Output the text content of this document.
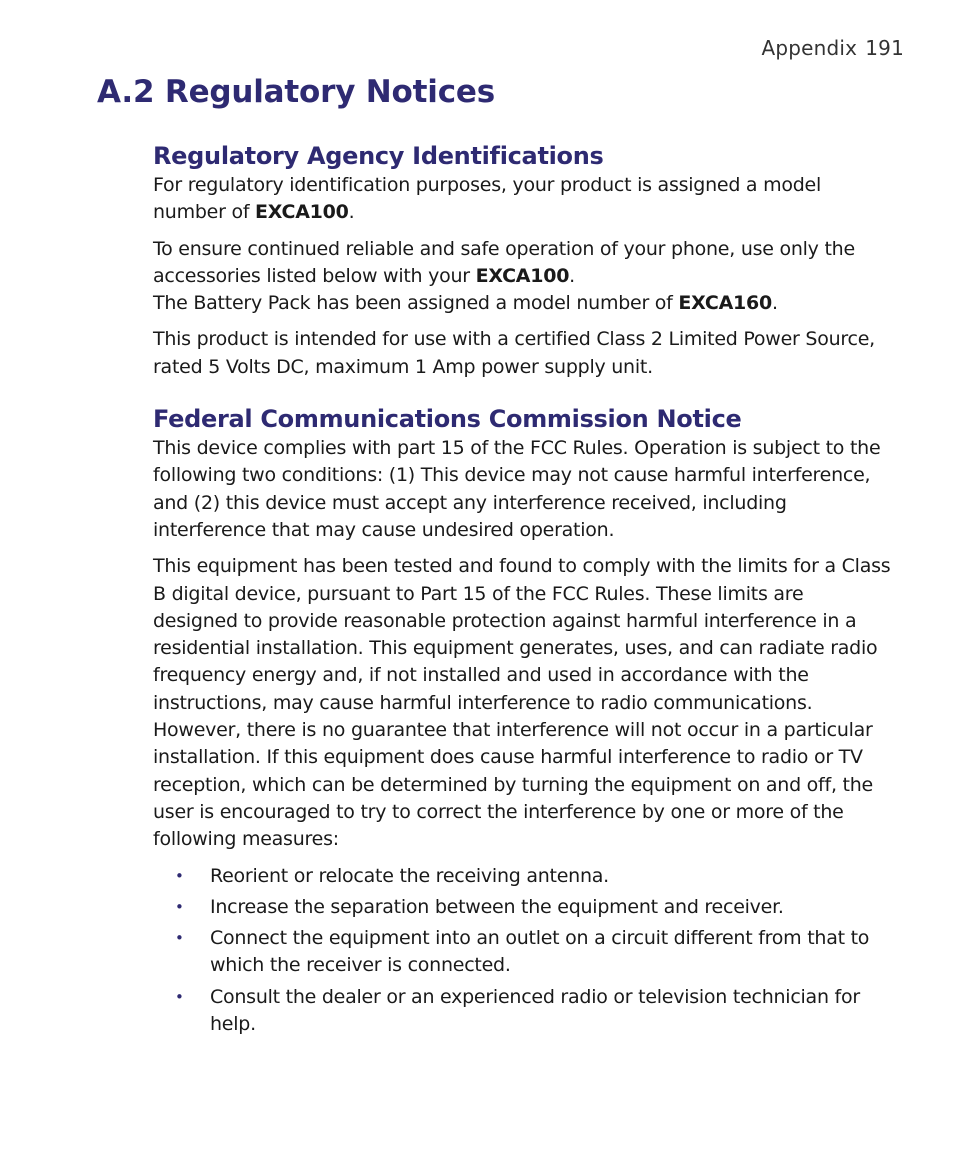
Appendix 191
A.2 Regulatory Notices
Regulatory Agency Identifications

For regulatory identification purposes, your product is assigned a model number of EXCA100.

To ensure continued reliable and safe operation of your phone, use only the accessories listed below with your EXCA100.
The Battery Pack has been assigned a model number of EXCA160.

This product is intended for use with a certified Class 2 Limited Power Source, rated 5 Volts DC, maximum 1 Amp power supply unit.

Federal Communications Commission Notice

This device complies with part 15 of the FCC Rules. Operation is subject to the following two conditions: (1) This device may not cause harmful interference, and (2) this device must accept any interference received, including interference that may cause undesired operation.

This equipment has been tested and found to comply with the limits for a Class B digital device, pursuant to Part 15 of the FCC Rules. These limits are designed to provide reasonable protection against harmful interference in a residential installation. This equipment generates, uses, and can radiate radio frequency energy and, if not installed and used in accordance with the instructions, may cause harmful interference to radio communications. However, there is no guarantee that interference will not occur in a particular installation. If this equipment does cause harmful interference to radio or TV reception, which can be determined by turning the equipment on and off, the user is encouraged to try to correct the interference by one or more of the following measures:

• Reorient or relocate the receiving antenna.
• Increase the separation between the equipment and receiver.
• Connect the equipment into an outlet on a circuit different from that to which the receiver is connected.
• Consult the dealer or an experienced radio or television technician for help.
